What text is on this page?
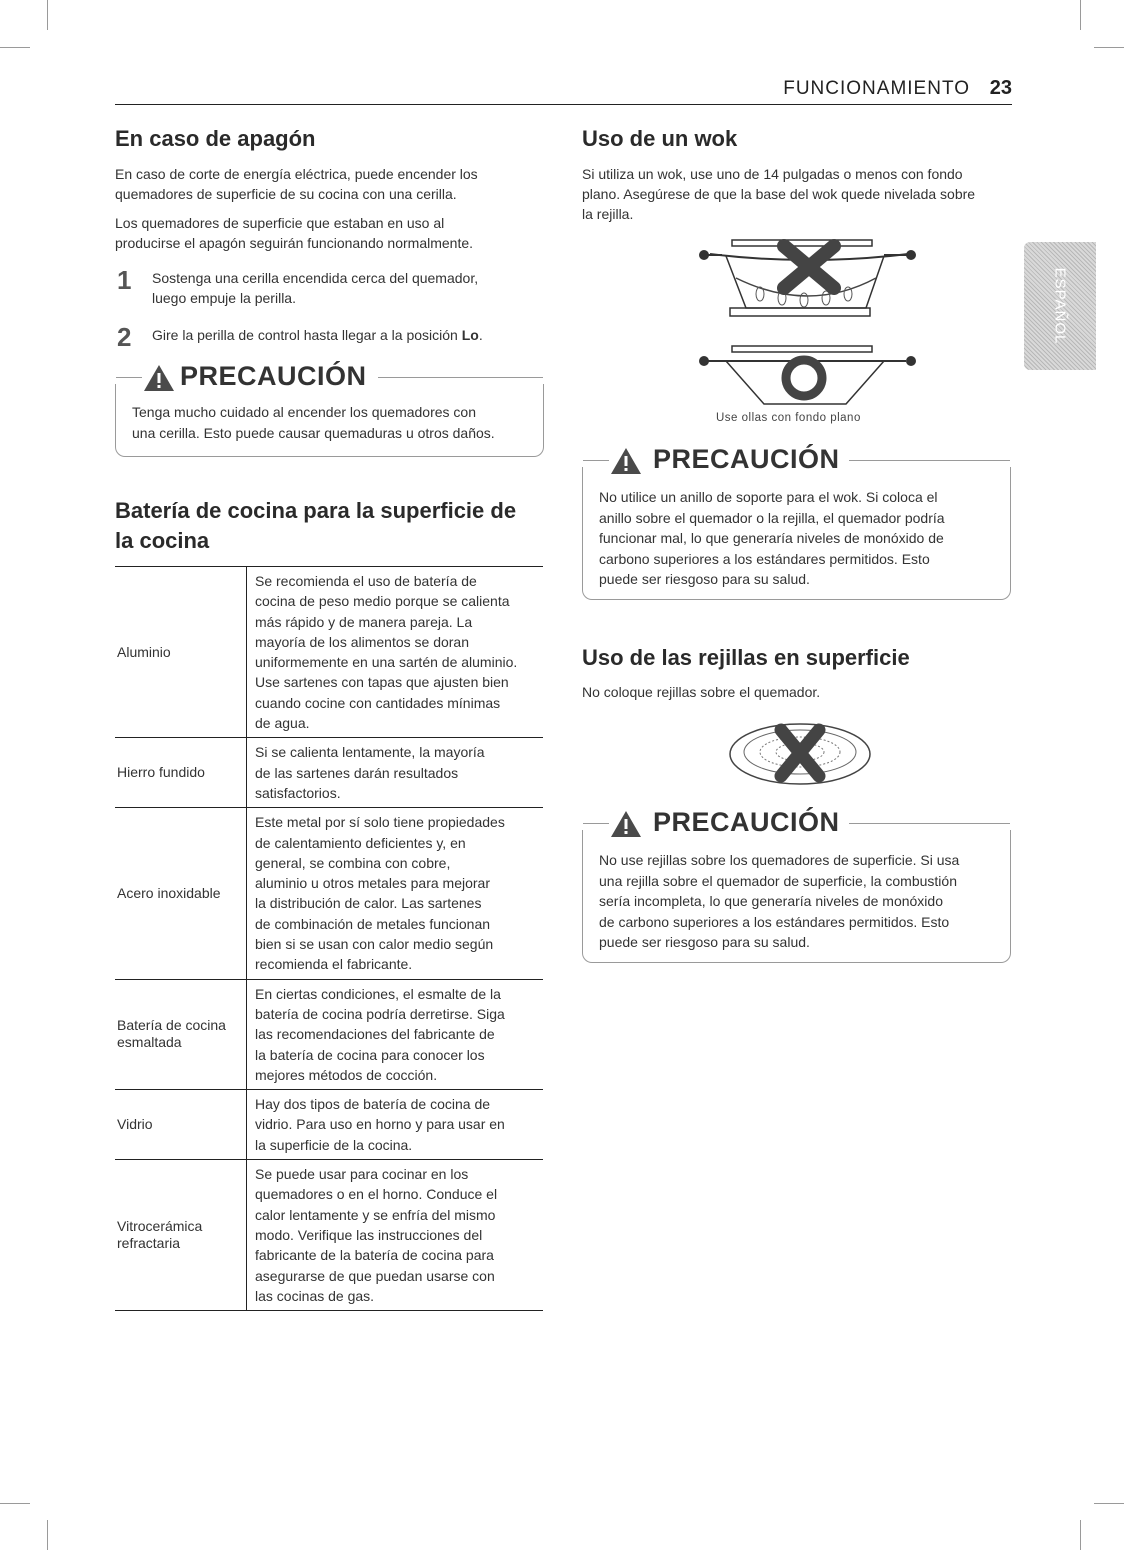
FUNCIONAMIENTO 23
ESPAÑOL
En caso de apagón

En caso de corte de energía eléctrica, puede encender los

quemadores de superficie de su cocina con una cerilla.

Los quemadores de superficie que estaban en uso al

producirse el apagón seguirán funcionando normalmente.

1 Sostenga una cerilla encendida cerca del quemador,
luego empuje la perilla.
2 Gire la perilla de control hasta llegar a la posición Lo.
PRECAUCIÓN
Tenga mucho cuidado al encender los quemadores con
una cerilla. Esto puede causar quemaduras u otros daños.
Batería de cocina para la superficie de
la cocina
Aluminio
Se recomienda el uso de batería de
cocina de peso medio porque se calienta
más rápido y de manera pareja. La
mayoría de los alimentos se doran
uniformemente en una sartén de aluminio.
Use sartenes con tapas que ajusten bien
cuando cocine con cantidades mínimas
de agua.
Hierro fundido
Si se calienta lentamente, la mayoría
de las sartenes darán resultados
satisfactorios.
Acero inoxidable
Este metal por sí solo tiene propiedades
de calentamiento deficientes y, en
general, se combina con cobre,
aluminio u otros metales para mejorar
la distribución de calor. Las sartenes
de combinación de metales funcionan
bien si se usan con calor medio según
recomienda el fabricante.
Batería de cocina
esmaltada
En ciertas condiciones, el esmalte de la
batería de cocina podría derretirse. Siga
las recomendaciones del fabricante de
la batería de cocina para conocer los
mejores métodos de cocción.
Vidrio
Hay dos tipos de batería de cocina de
vidrio. Para uso en horno y para usar en
la superficie de la cocina.
Vitrocerámica
refractaria
Se puede usar para cocinar en los
quemadores o en el horno. Conduce el
calor lentamente y se enfría del mismo
modo. Verifique las instrucciones del
fabricante de la batería de cocina para
asegurarse de que puedan usarse con
las cocinas de gas.
Uso de un wok

Si utiliza un wok, use uno de 14 pulgadas o menos con fondo

plano. Asegúrese de que la base del wok quede nivelada sobre

la rejilla.

Use ollas con fondo plano
PRECAUCIÓN
No utilice un anillo de soporte para el wok. Si coloca el
anillo sobre el quemador o la rejilla, el quemador podría
funcionar mal, lo que generaría niveles de monóxido de
carbono superiores a los estándares permitidos. Esto
puede ser riesgoso para su salud.
Uso de las rejillas en superficie

No coloque rejillas sobre el quemador.

PRECAUCIÓN
No use rejillas sobre los quemadores de superficie. Si usa
una rejilla sobre el quemador de superficie, la combustión
sería incompleta, lo que generaría niveles de monóxido
de carbono superiores a los estándares permitidos. Esto
puede ser riesgoso para su salud.
